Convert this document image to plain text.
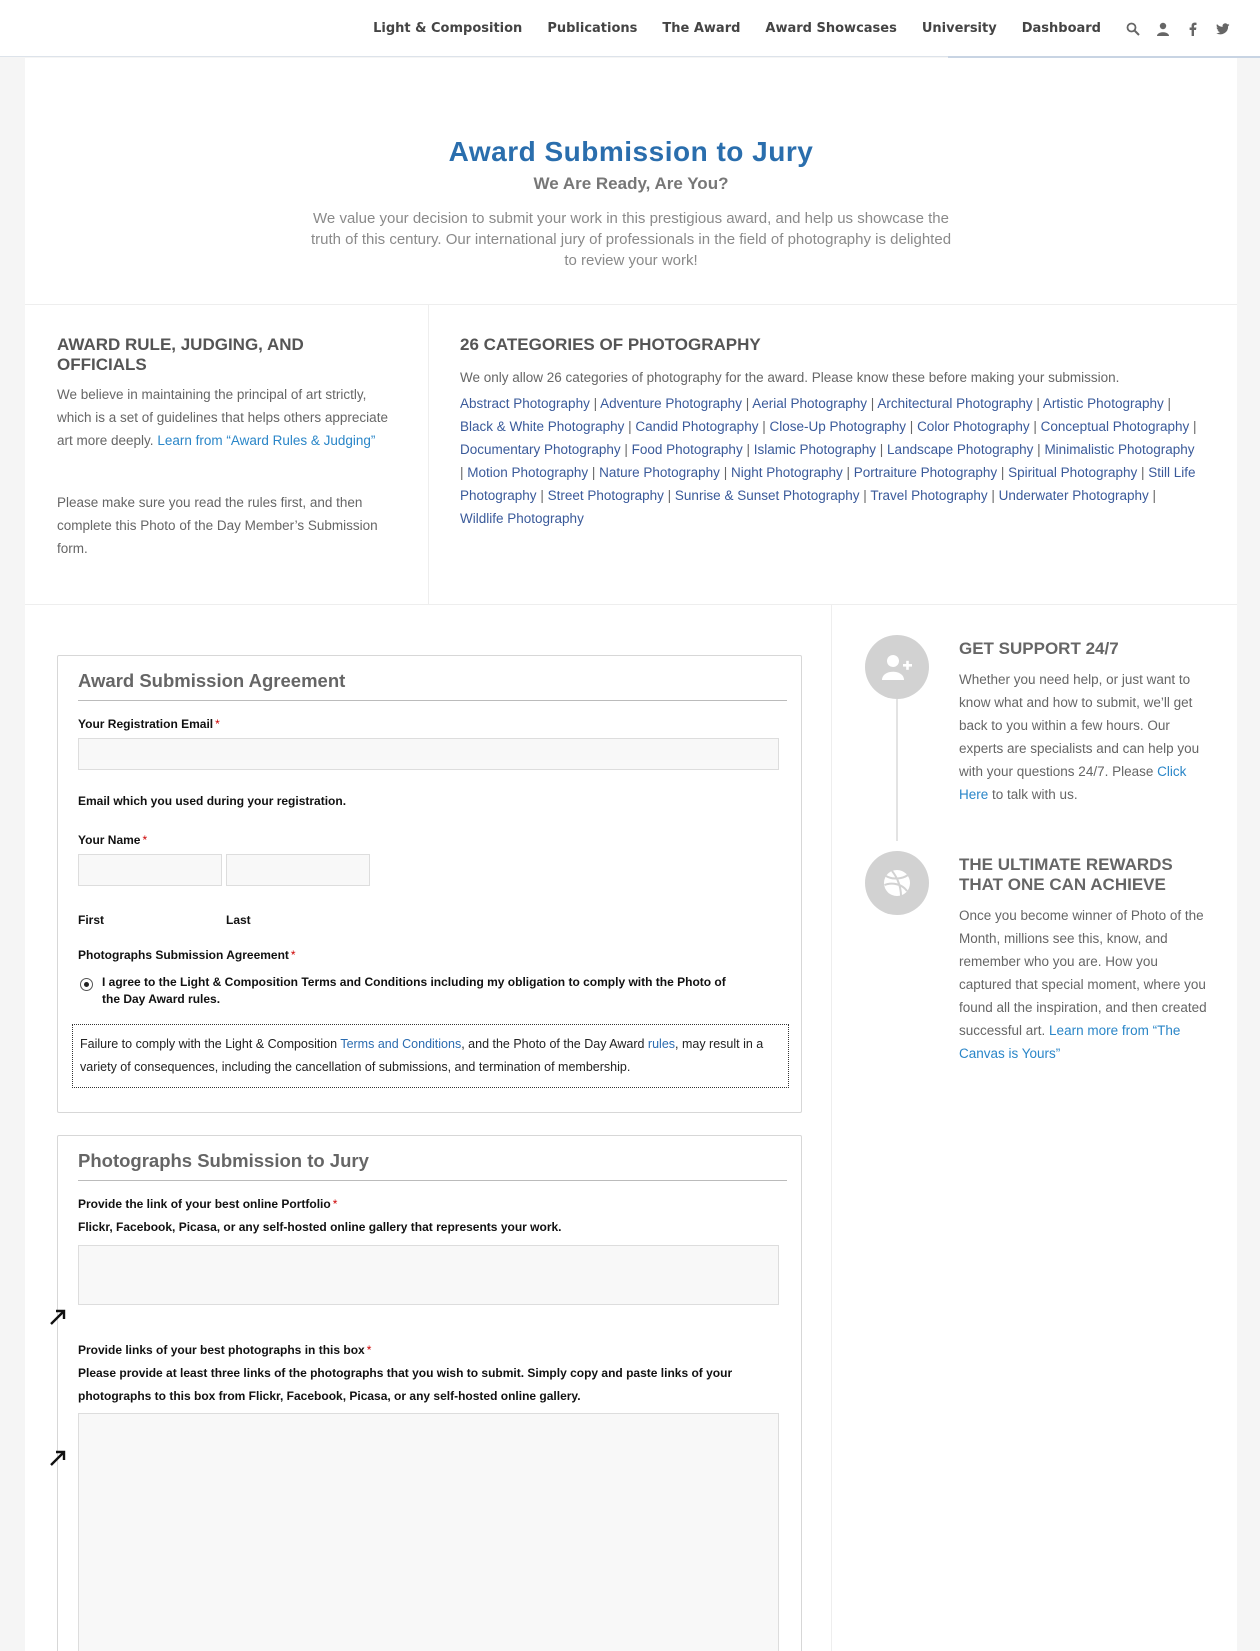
Light & Composition Publications The Award Award Showcases University Dashboard
Award Submission to Jury
We Are Ready, Are You?

We value your decision to submit your work in this prestigious award, and help us showcase the truth of this century. Our international jury of professionals in the field of photography is delighted to review your work!

AWARD RULE, JUDGING, AND OFFICIALS

We believe in maintaining the principal of art strictly, which is a set of guidelines that helps others appreciate art more deeply. Learn from “Award Rules & Judging”

Please make sure you read the rules first, and then complete this Photo of the Day Member’s Submission form.

26 CATEGORIES OF PHOTOGRAPHY

We only allow 26 categories of photography for the award. Please know these before making your submission.

Abstract Photography | Adventure Photography | Aerial Photography | Architectural Photography | Artistic Photography | Black & White Photography | Candid Photography | Close-Up Photography | Color Photography | Conceptual Photography | Documentary Photography | Food Photography | Islamic Photography | Landscape Photography | Minimalistic Photography | Motion Photography | Nature Photography | Night Photography | Portraiture Photography | Spiritual Photography | Still Life Photography | Street Photography | Sunrise & Sunset Photography | Travel Photography | Underwater Photography | Wildlife Photography

Award Submission Agreement
Your Registration Email *
Email which you used during your registration.
Your Name *
First	Last
Photographs Submission Agreement *
I agree to the Light & Composition Terms and Conditions including my obligation to comply with the Photo of the Day Award rules.
Failure to comply with the Light & Composition Terms and Conditions, and the Photo of the Day Award rules, may result in a variety of consequences, including the cancellation of submissions, and termination of membership.
Photographs Submission to Jury
Provide the link of your best online Portfolio *
Flickr, Facebook, Picasa, or any self-hosted online gallery that represents your work.
Provide links of your best photographs in this box *
Please provide at least three links of the photographs that you wish to submit. Simply copy and paste links of your photographs to this box from Flickr, Facebook, Picasa, or any self-hosted online gallery.
GET SUPPORT 24/7

Whether you need help, or just want to know what and how to submit, we’ll get back to you within a few hours. Our experts are specialists and can help you with your questions 24/7. Please Click Here to talk with us.

THE ULTIMATE REWARDS THAT ONE CAN ACHIEVE

Once you become winner of Photo of the Month, millions see this, know, and remember who you are. How you captured that special moment, where you found all the inspiration, and then created successful art. Learn more from “The Canvas is Yours”
